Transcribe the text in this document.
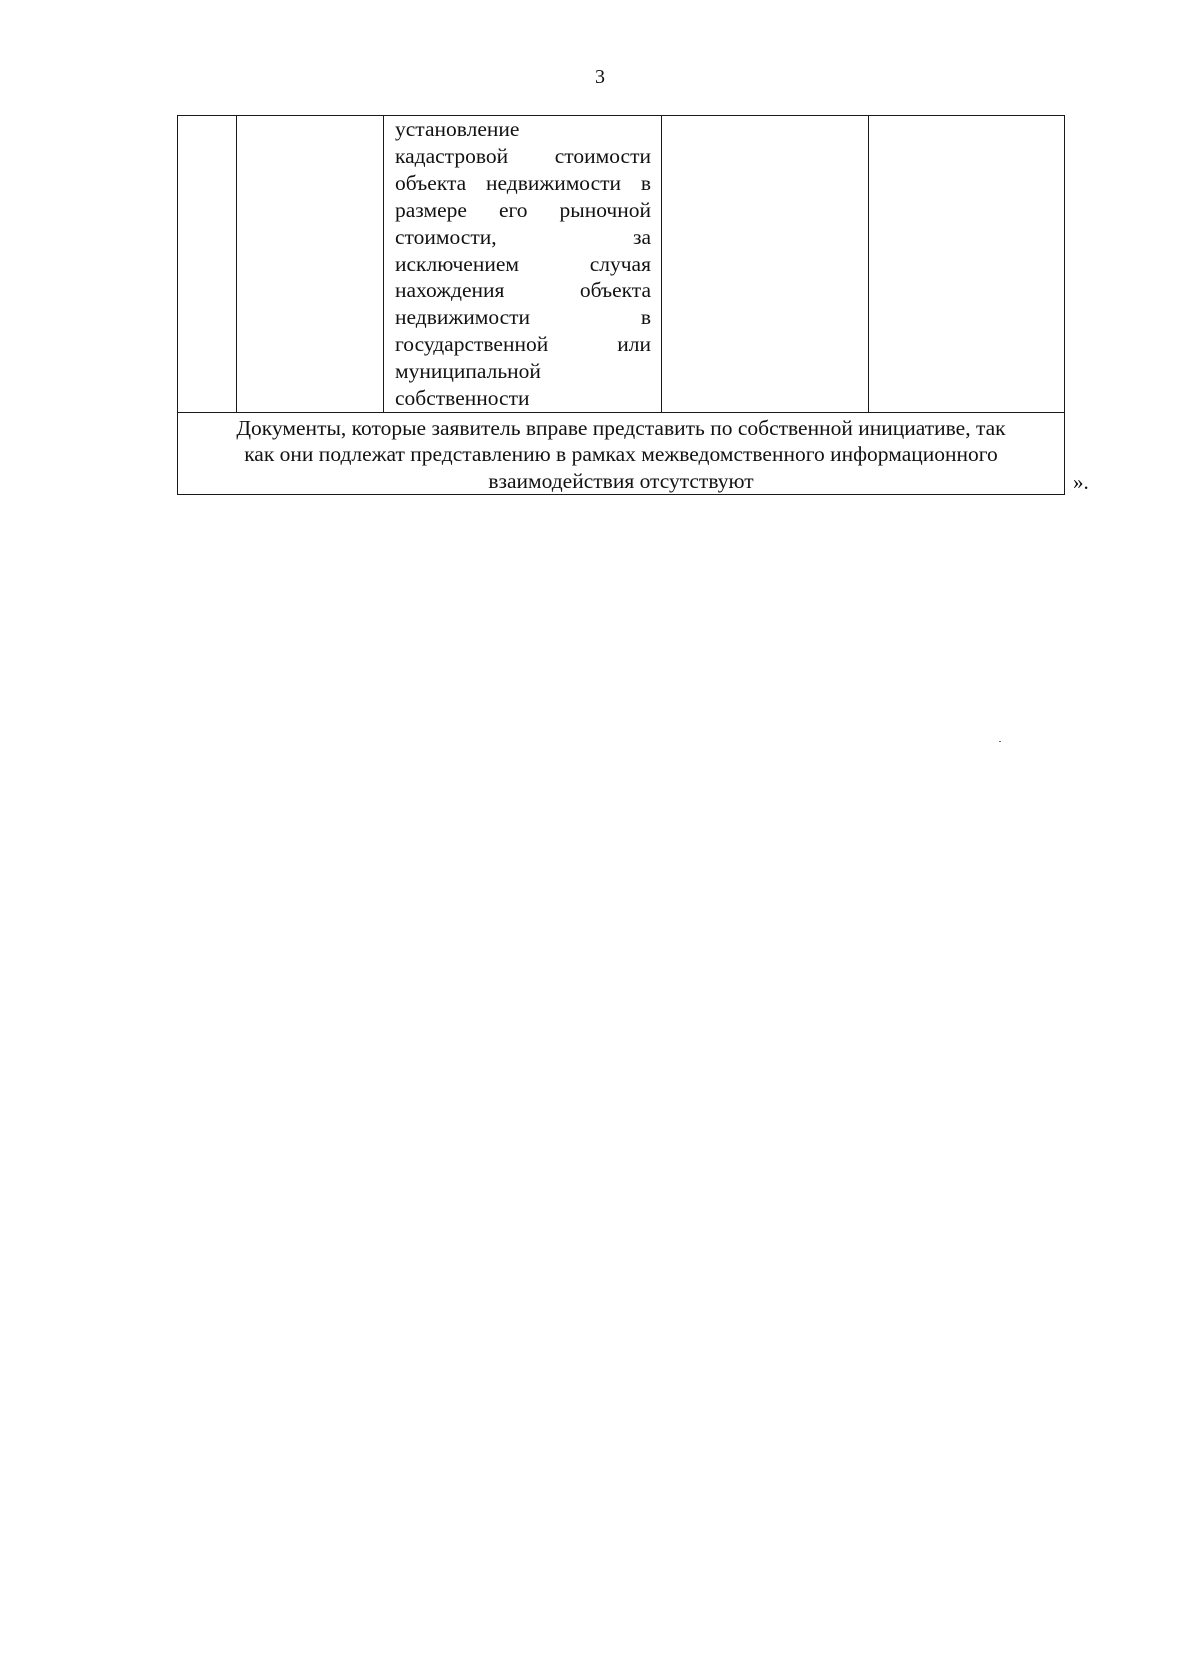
3

установление
кадастровой стоимости
объекта недвижимости в
размере его рыночной
стоимости,	за
исключением	случая
нахождения	объекта
недвижимости	в
государственной	или
муниципальной
собственности

Документы, которые заявитель вправе представить по собственной инициативе, так
как они подлежат представлению в рамках межведомственного информационного
взаимодействия отсутствуют	».
